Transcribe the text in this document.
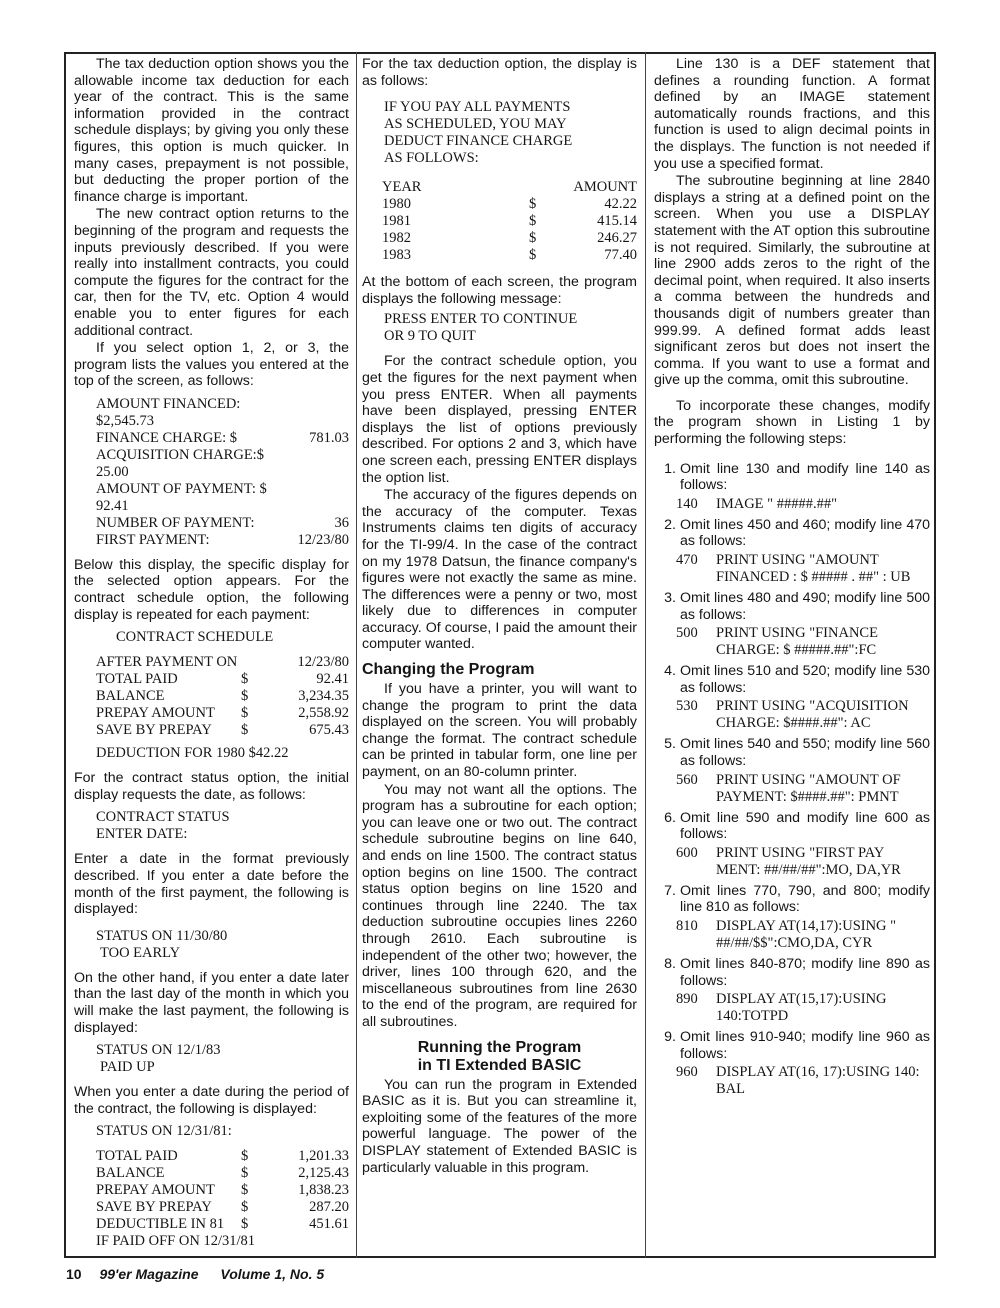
The tax deduction option shows you the allowable income tax deduction for each year of the contract. This is the same information provided in the contract schedule displays; by giving you only these figures, this option is much quicker. In many cases, prepayment is not possible, but deducting the proper portion of the finance charge is important.

The new contract option returns to the beginning of the program and requests the inputs previously described. If you were really into installment contracts, you could compute the figures for the contract for the car, then for the TV, etc. Option 4 would enable you to enter figures for each additional contract.

If you select option 1, 2, or 3, the program lists the values you entered at the top of the screen, as follows:

AMOUNT FINANCED: $2,545.73
FINANCE CHARGE: $	781.03
ACQUISITION CHARGE:$ 25.00
AMOUNT OF PAYMENT: $ 92.41
NUMBER OF PAYMENT:	36
FIRST PAYMENT:	12/23/80

Below this display, the specific display for the selected option appears. For the contract schedule option, the following display is repeated for each payment:

CONTRACT SCHEDULE
AFTER PAYMENT ON	12/23/80
TOTAL PAID	$	92.41
BALANCE	$	3,234.35
PREPAY AMOUNT	$	2,558.92
SAVE BY PREPAY	$	675.43
DEDUCTION FOR 1980 $42.22

For the contract status option, the initial display requests the date, as follows:

CONTRACT STATUS
ENTER DATE:

Enter a date in the format previously described. If you enter a date before the month of the first payment, the following is displayed:

STATUS ON 11/30/80
TOO EARLY

On the other hand, if you enter a date later than the last day of the month in which you will make the last payment, the following is displayed:

STATUS ON 12/1/83
PAID UP

When you enter a date during the period of the contract, the following is displayed:

STATUS ON 12/31/81:
TOTAL PAID	$	1,201.33
BALANCE	$	2,125.43
PREPAY AMOUNT	$	1,838.23
SAVE BY PREPAY	$	287.20
DEDUCTIBLE IN 81	$	451.61
IF PAID OFF ON 12/31/81

For the tax deduction option, the display is as follows:

IF YOU PAY ALL PAYMENTS
AS SCHEDULED, YOU MAY
DEDUCT FINANCE CHARGE
AS FOLLOWS:
YEAR	AMOUNT
1980	$	42.22
1981	$	415.14
1982	$	246.27
1983	$	77.40

At the bottom of each screen, the program displays the following message:

PRESS ENTER TO CONTINUE
OR 9 TO QUIT

For the contract schedule option, you get the figures for the next payment when you press ENTER. When all payments have been displayed, pressing ENTER displays the list of options previously described. For options 2 and 3, which have one screen each, pressing ENTER displays the option list.

The accuracy of the figures depends on the accuracy of the computer. Texas Instruments claims ten digits of accuracy for the TI-99/4. In the case of the contract on my 1978 Datsun, the finance company's figures were not exactly the same as mine. The differences were a penny or two, most likely due to differences in computer accuracy. Of course, I paid the amount their computer wanted.

Changing the Program

If you have a printer, you will want to change the program to print the data displayed on the screen. You will probably change the format. The contract schedule can be printed in tabular form, one line per payment, on an 80-column printer.

You may not want all the options. The program has a subroutine for each option; you can leave one or two out. The contract schedule subroutine begins on line 640, and ends on line 1500. The contract status option begins on line 1500. The contract status option begins on line 1520 and continues through line 2240. The tax deduction subroutine occupies lines 2260 through 2610. Each subroutine is independent of the other two; however, the driver, lines 100 through 620, and the miscellaneous subroutines from line 2630 to the end of the program, are required for all subroutines.

Running the Program
in TI Extended BASIC

You can run the program in Extended BASIC as it is. But you can streamline it, exploiting some of the features of the more powerful language. The power of the DISPLAY statement of Extended BASIC is particularly valuable in this program.

Line 130 is a DEF statement that defines a rounding function. A format defined by an IMAGE statement automatically rounds fractions, and this function is used to align decimal points in the displays. The function is not needed if you use a specified format.

The subroutine beginning at line 2840 displays a string at a defined point on the screen. When you use a DISPLAY statement with the AT option this subroutine is not required. Similarly, the subroutine at line 2900 adds zeros to the right of the decimal point, when required. It also inserts a comma between the hundreds and thousands digit of numbers greater than 999.99. A defined format adds least significant zeros but does not insert the comma. If you want to use a format and give up the comma, omit this subroutine.

To incorporate these changes, modify the program shown in Listing 1 by performing the following steps:

1. Omit line 130 and modify line 140 as follows:
140 IMAGE " #####.##"
2. Omit lines 450 and 460; modify line 470 as follows:
470 PRINT USING "AMOUNT FINANCED : $ ##### . ##" : UB
3. Omit lines 480 and 490; modify line 500 as follows:
500 PRINT USING "FINANCE CHARGE: $ #####.##":FC
4. Omit lines 510 and 520; modify line 530 as follows:
530 PRINT USING "ACQUISITION CHARGE: $####.##": AC
5. Omit lines 540 and 550; modify line 560 as follows:
560 PRINT USING "AMOUNT OF PAYMENT: $####.##": PMNT
6. Omit line 590 and modify line 600 as follows:
600 PRINT USING "FIRST PAY MENT: ##/##/##":MO, DA,YR
7. Omit lines 770, 790, and 800; modify line 810 as follows:
810 DISPLAY AT(14,17):USING " ##/##/$$":CMO,DA, CYR
8. Omit lines 840-870; modify line 890 as follows:
890 DISPLAY AT(15,17):USING 140:TOTPD
9. Omit lines 910-940; modify line 960 as follows:
960 DISPLAY AT(16, 17):USING 140: BAL
10 99'er Magazine Volume 1, No. 5
